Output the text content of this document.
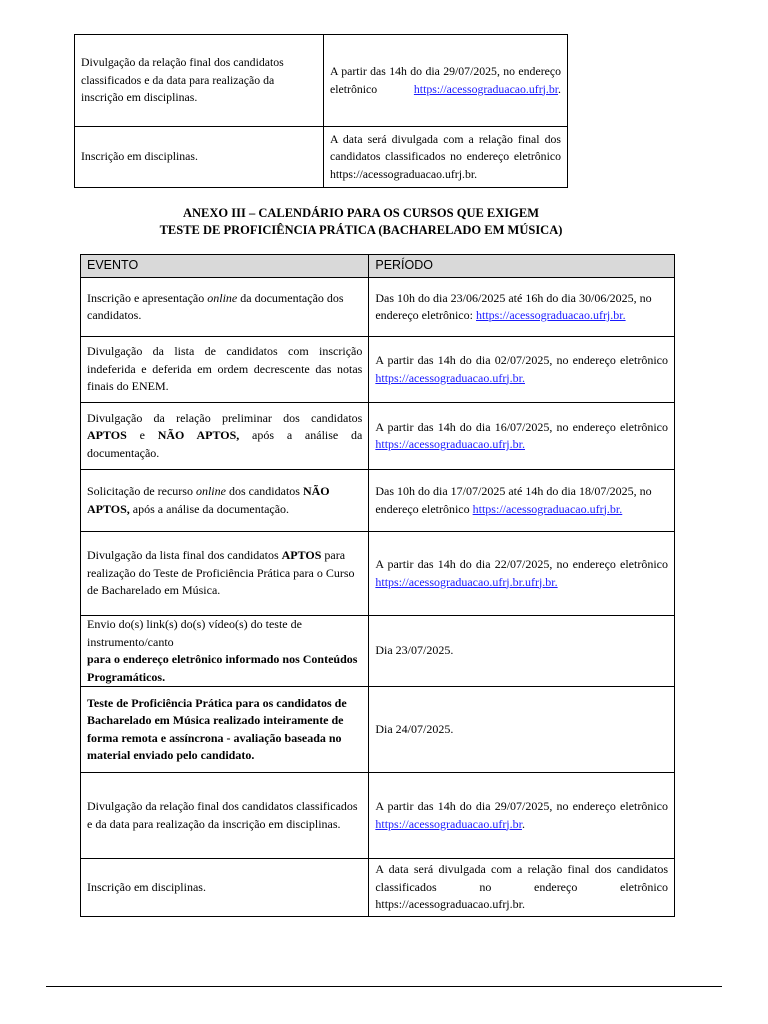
Divulgação da relação final dos candidatos classificados e da data para realização da inscrição em disciplinas.	A partir das 14h do dia 29/07/2025, no endereço eletrônico https://acessograduacao.ufrj.br.
Inscrição em disciplinas.	A data será divulgada com a relação final dos candidatos classificados no endereço eletrônico https://acessograduacao.ufrj.br.
ANEXO III – CALENDÁRIO PARA OS CURSOS QUE EXIGEM
TESTE DE PROFICIÊNCIA PRÁTICA (BACHARELADO EM MÚSICA)
EVENTO	PERÍODO
Inscrição e apresentação online da documentação dos candidatos.	Das 10h do dia 23/06/2025 até 16h do dia 30/06/2025, no endereço eletrônico: https://acessograduacao.ufrj.br.
Divulgação da lista de candidatos com inscrição indeferida e deferida em ordem decrescente das notas finais do ENEM.	A partir das 14h do dia 02/07/2025, no endereço eletrônico https://acessograduacao.ufrj.br.
Divulgação da relação preliminar dos candidatos APTOS e NÃO APTOS, após a análise da documentação.	A partir das 14h do dia 16/07/2025, no endereço eletrônico https://acessograduacao.ufrj.br.
Solicitação de recurso online dos candidatos NÃO APTOS, após a análise da documentação.	Das 10h do dia 17/07/2025 até 14h do dia 18/07/2025, no endereço eletrônico https://acessograduacao.ufrj.br.
Divulgação da lista final dos candidatos APTOS para realização do Teste de Proficiência Prática para o Curso de Bacharelado em Música.	A partir das 14h do dia 22/07/2025, no endereço eletrônico https://acessograduacao.ufrj.br.ufrj.br.
Envio do(s) link(s) do(s) vídeo(s) do teste de instrumento/canto
para o endereço eletrônico informado nos Conteúdos Programáticos.	Dia 23/07/2025.
Teste de Proficiência Prática para os candidatos de Bacharelado em Música realizado inteiramente de forma remota e assíncrona - avaliação baseada no material enviado pelo candidato.	Dia 24/07/2025.
Divulgação da relação final dos candidatos classificados e da data para realização da inscrição em disciplinas.	A partir das 14h do dia 29/07/2025, no endereço eletrônico https://acessograduacao.ufrj.br.
Inscrição em disciplinas.	A data será divulgada com a relação final dos candidatos classificados no endereço eletrônico https://acessograduacao.ufrj.br.
